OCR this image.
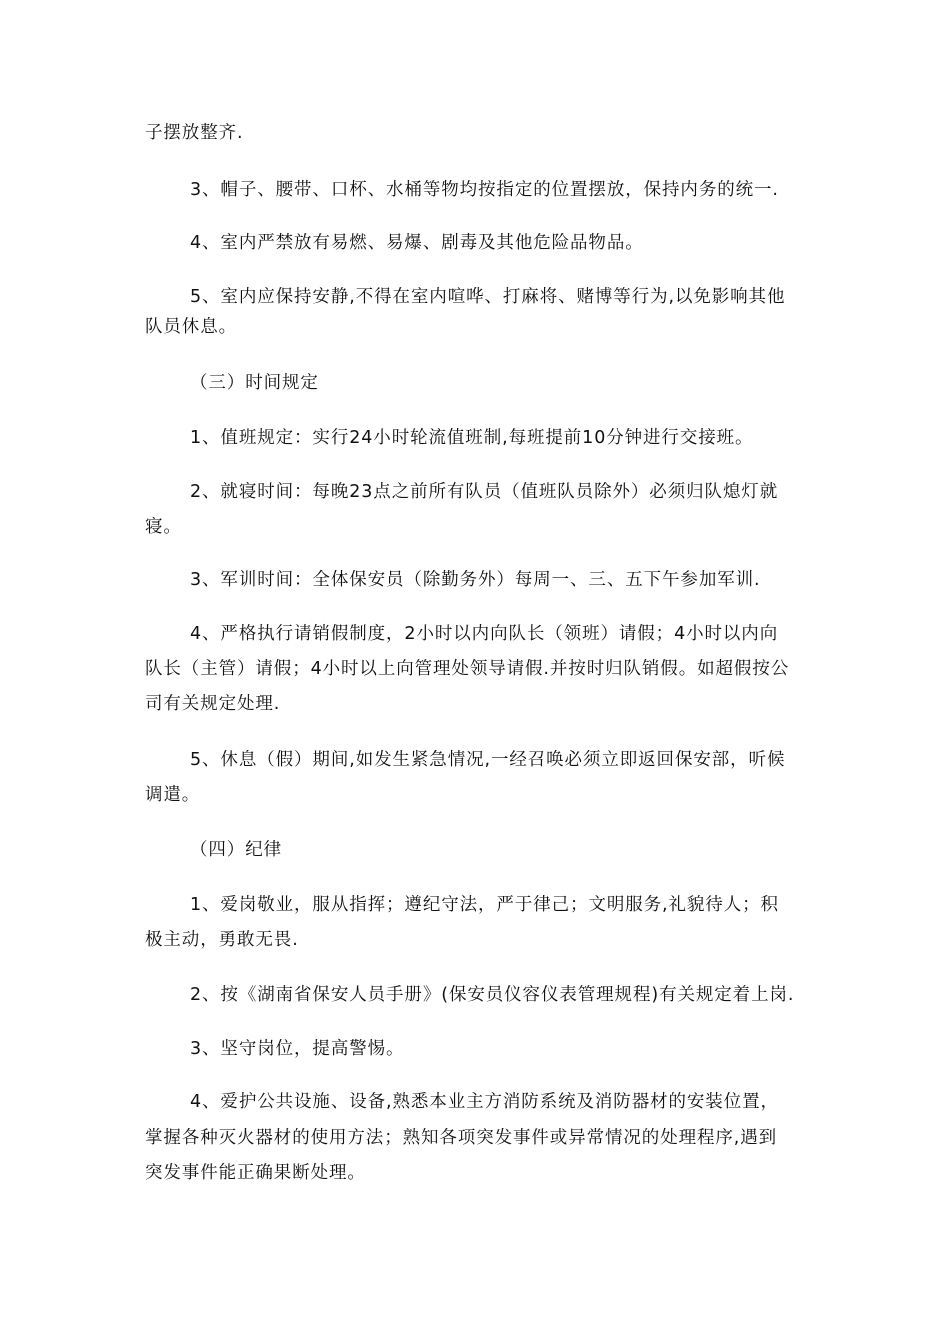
子摆放整齐.
3、帽子、腰带、口杯、水桶等物均按指定的位置摆放，保持内务的统一.
4、室内严禁放有易燃、易爆、剧毒及其他危险品物品。
5、室内应保持安静,不得在室内喧哗、打麻将、赌博等行为,以免影响其他
队员休息。
（三）时间规定
1、值班规定：实行24小时轮流值班制,每班提前10分钟进行交接班。
2、就寝时间：每晚23点之前所有队员（值班队员除外）必须归队熄灯就
寝。
3、军训时间：全体保安员（除勤务外）每周一、三、五下午参加军训.
4、严格执行请销假制度，2小时以内向队长（领班）请假；4小时以内向
队长（主管）请假；4小时以上向管理处领导请假.并按时归队销假。如超假按公
司有关规定处理.
5、休息（假）期间,如发生紧急情况,一经召唤必须立即返回保安部，听候
调遣。
（四）纪律
1、爱岗敬业，服从指挥；遵纪守法，严于律己；文明服务,礼貌待人；积
极主动，勇敢无畏.
2、按《湖南省保安人员手册》(保安员仪容仪表管理规程)有关规定着上岗.
3、坚守岗位，提高警惕。
4、爱护公共设施、设备,熟悉本业主方消防系统及消防器材的安装位置，
掌握各种灭火器材的使用方法；熟知各项突发事件或异常情况的处理程序,遇到
突发事件能正确果断处理。
